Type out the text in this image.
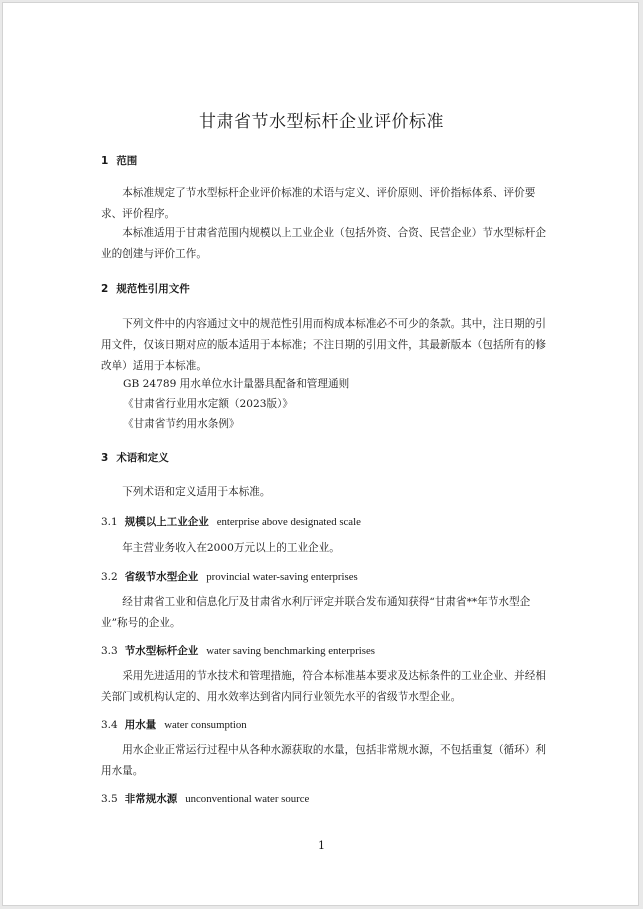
甘肃省节水型标杆企业评价标准
1 范围
本标准规定了节水型标杆企业评价标准的术语与定义、评价原则、评价指标体系、评价要求、评价程序。
本标准适用于甘肃省范围内规模以上工业企业（包括外资、合资、民营企业）节水型标杆企业的创建与评价工作。
2 规范性引用文件
下列文件中的内容通过文中的规范性引用而构成本标准必不可少的条款。其中，注日期的引用文件，仅该日期对应的版本适用于本标准；不注日期的引用文件，其最新版本（包括所有的修改单）适用于本标准。
GB 24789 用水单位水计量器具配备和管理通则
《甘肃省行业用水定额（2023版）》
《甘肃省节约用水条例》
3 术语和定义
下列术语和定义适用于本标准。
3.1 规模以上工业企业 enterprise above designated scale
年主营业务收入在2000万元以上的工业企业。
3.2 省级节水型企业 provincial water-saving enterprises
经甘肃省工业和信息化厅及甘肃省水利厅评定并联合发布通知获得“甘肃省**年节水型企业”称号的企业。
3.3 节水型标杆企业 water saving benchmarking enterprises
采用先进适用的节水技术和管理措施，符合本标准基本要求及达标条件的工业企业、并经相关部门或机构认定的、用水效率达到省内同行业领先水平的省级节水型企业。
3.4 用水量 water consumption
用水企业正常运行过程中从各种水源获取的水量，包括非常规水源，不包括重复（循环）利用水量。
3.5 非常规水源 unconventional water source
1
